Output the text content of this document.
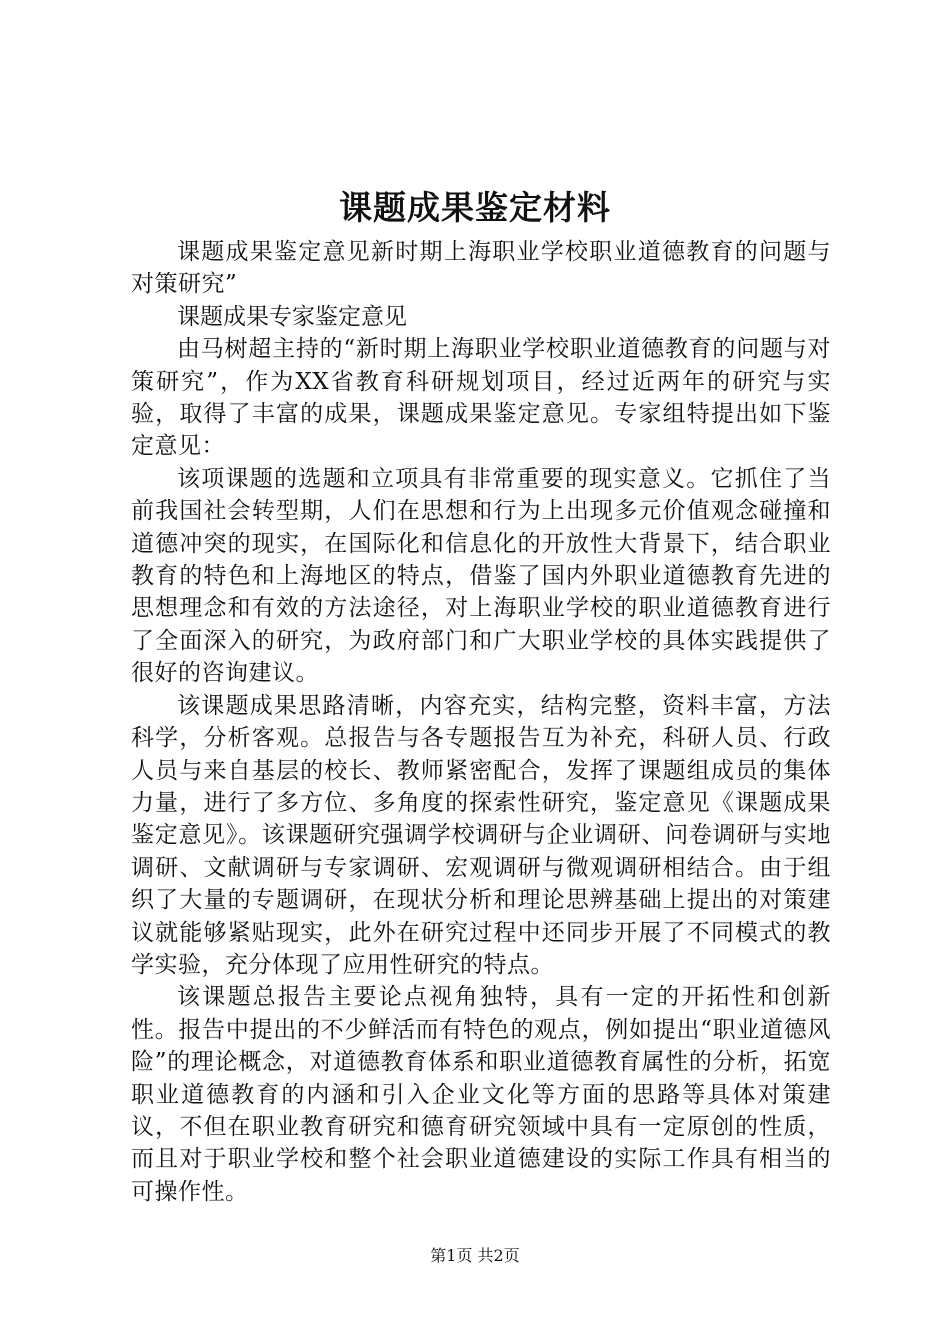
课题成果鉴定材料

课题成果鉴定意见新时期上海职业学校职业道德教育的问题与对策研究”

课题成果专家鉴定意见

由马树超主持的“新时期上海职业学校职业道德教育的问题与对策研究”，作为XX省教育科研规划项目，经过近两年的研究与实验，取得了丰富的成果，课题成果鉴定意见。专家组特提出如下鉴定意见：

该项课题的选题和立项具有非常重要的现实意义。它抓住了当前我国社会转型期，人们在思想和行为上出现多元价值观念碰撞和道德冲突的现实，在国际化和信息化的开放性大背景下，结合职业教育的特色和上海地区的特点，借鉴了国内外职业道德教育先进的思想理念和有效的方法途径，对上海职业学校的职业道德教育进行了全面深入的研究，为政府部门和广大职业学校的具体实践提供了很好的咨询建议。

该课题成果思路清晰，内容充实，结构完整，资料丰富，方法科学，分析客观。总报告与各专题报告互为补充，科研人员、行政人员与来自基层的校长、教师紧密配合，发挥了课题组成员的集体力量，进行了多方位、多角度的探索性研究，鉴定意见《课题成果鉴定意见》。该课题研究强调学校调研与企业调研、问卷调研与实地调研、文献调研与专家调研、宏观调研与微观调研相结合。由于组织了大量的专题调研，在现状分析和理论思辨基础上提出的对策建议就能够紧贴现实，此外在研究过程中还同步开展了不同模式的教学实验，充分体现了应用性研究的特点。

该课题总报告主要论点视角独特，具有一定的开拓性和创新性。报告中提出的不少鲜活而有特色的观点，例如提出“职业道德风险”的理论概念，对道德教育体系和职业道德教育属性的分析，拓宽职业道德教育的内涵和引入企业文化等方面的思路等具体对策建议，不但在职业教育研究和德育研究领域中具有一定原创的性质，而且对于职业学校和整个社会职业道德建设的实际工作具有相当的可操作性。

第1页 共2页
